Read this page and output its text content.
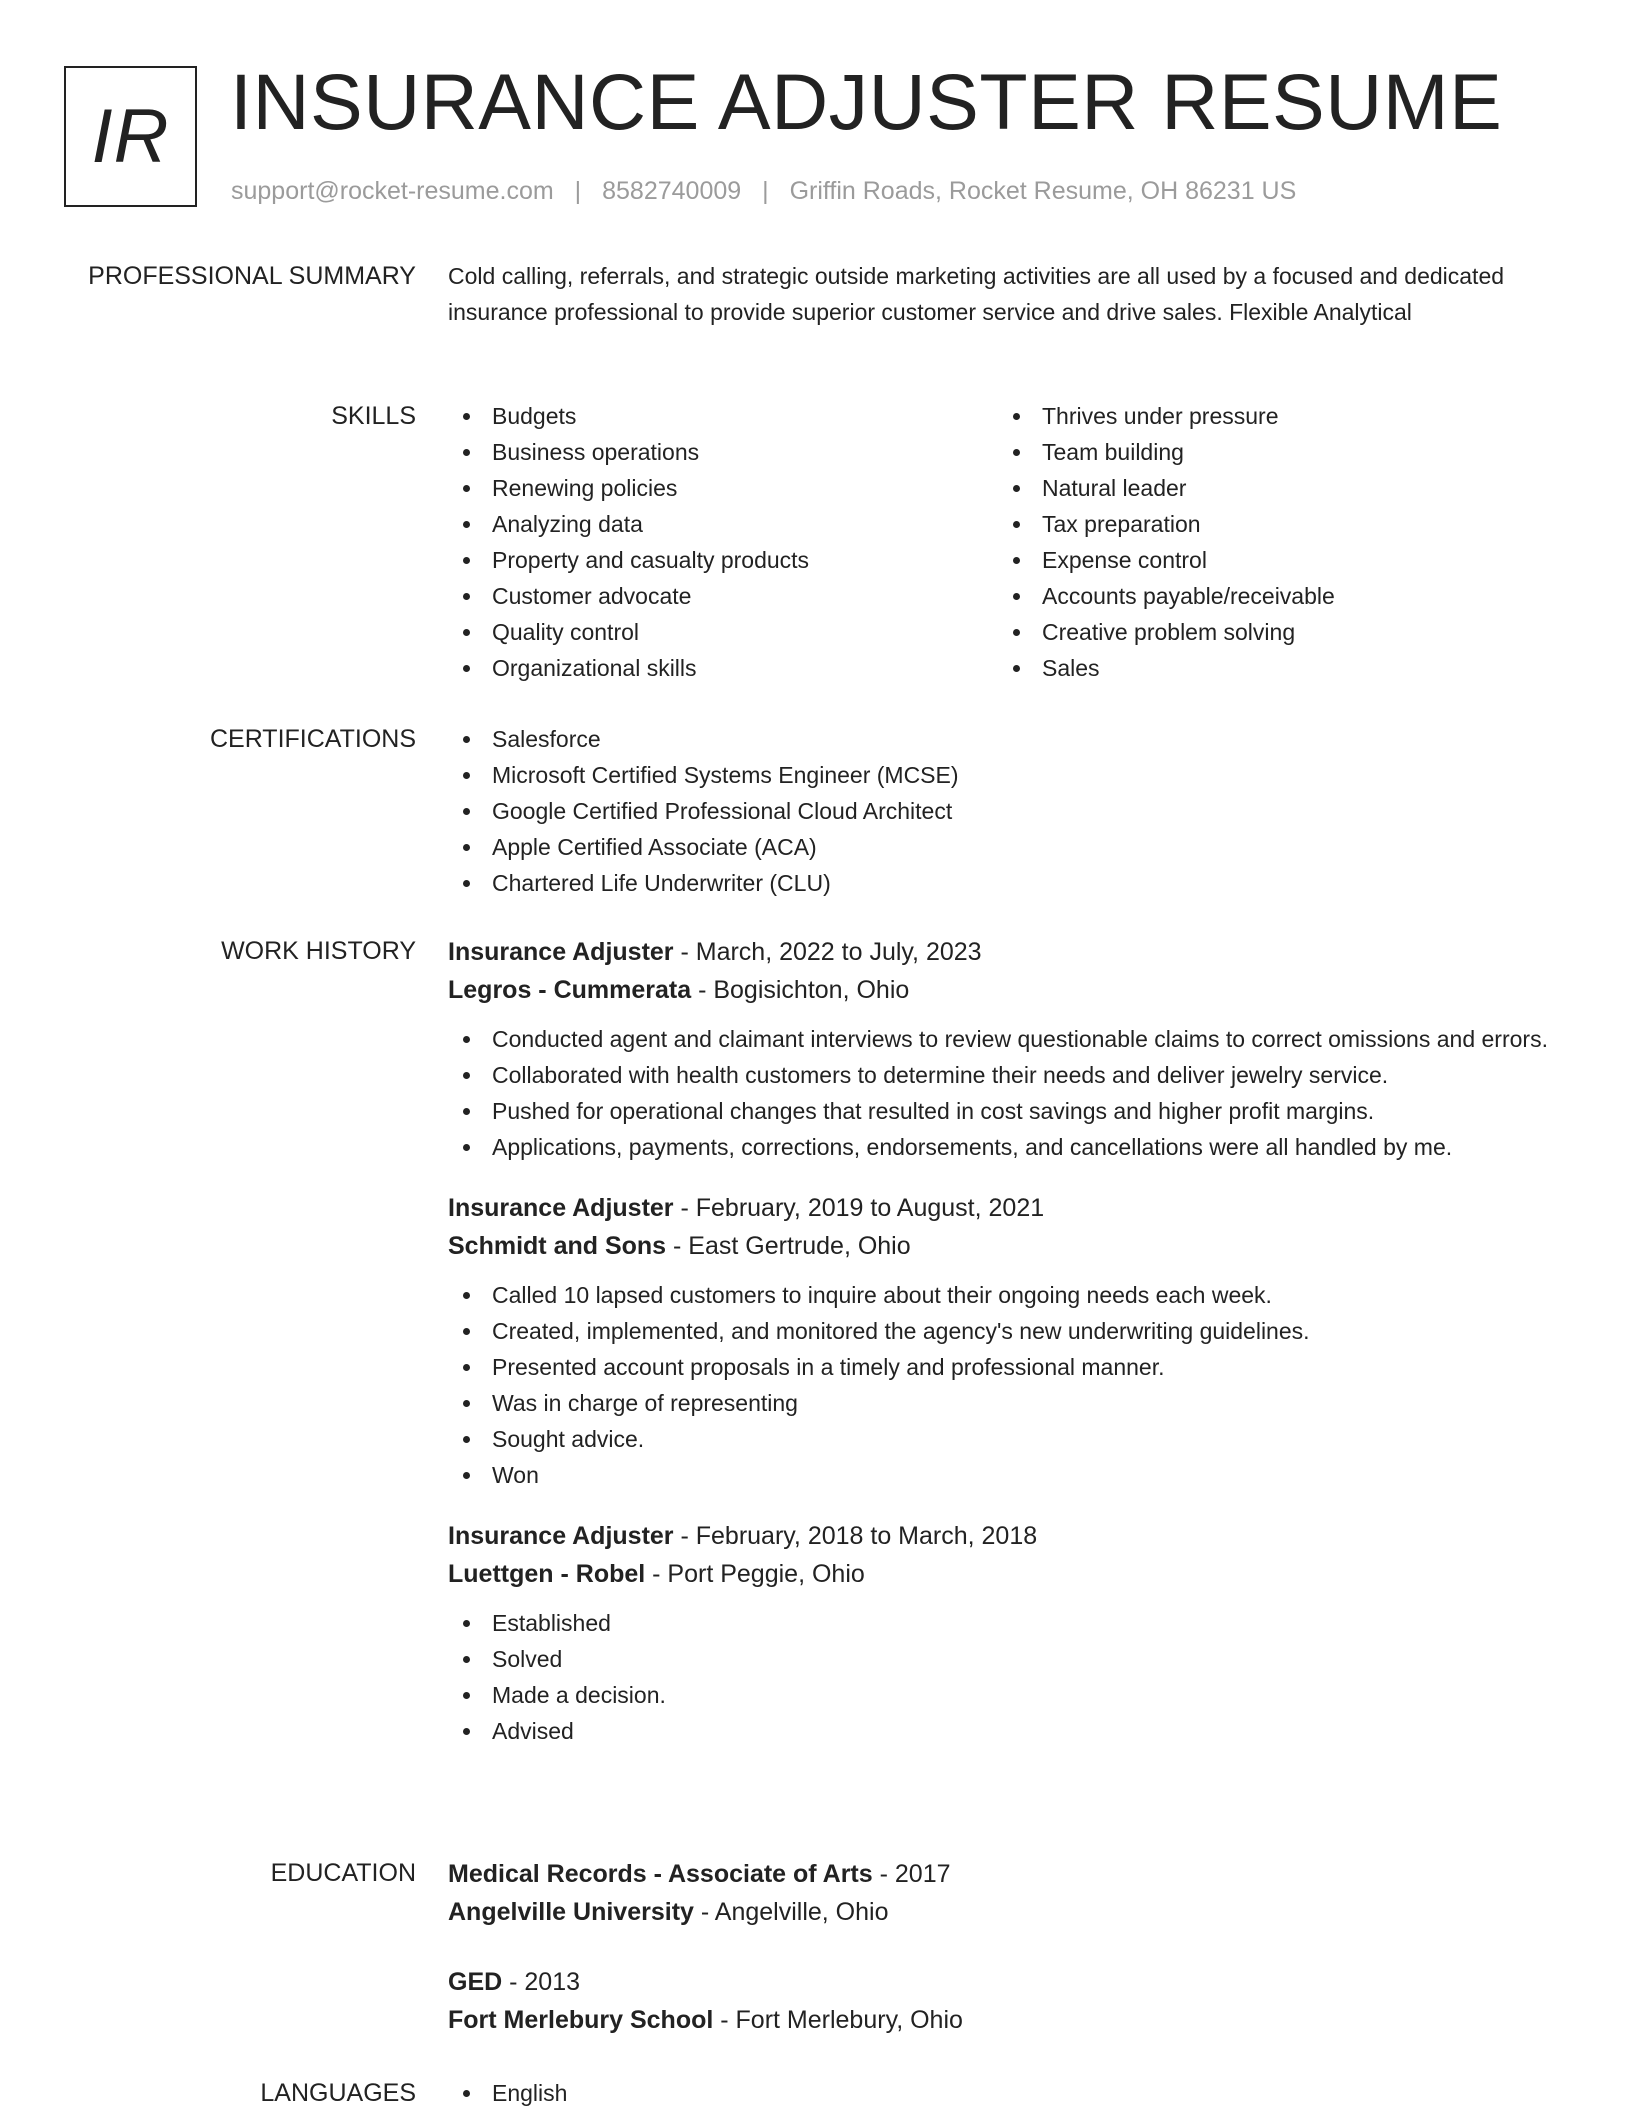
IR INSURANCE ADJUSTER RESUME
support@rocket-resume.com | 8582740009 | Griffin Roads, Rocket Resume, OH 86231 US
PROFESSIONAL SUMMARY Cold calling, referrals, and strategic outside marketing activities are all used by a focused and dedicated insurance professional to provide superior customer service and drive sales. Flexible Analytical
SKILLS	Budgets
Business operations
Renewing policies
Analyzing data
Property and casualty products
Customer advocate
Quality control
Organizational skills
Thrives under pressure
Team building
Natural leader
Tax preparation
Expense control
Accounts payable/receivable
Creative problem solving
Sales
CERTIFICATIONS	Salesforce
Microsoft Certified Systems Engineer (MCSE)
Google Certified Professional Cloud Architect
Apple Certified Associate (ACA)
Chartered Life Underwriter (CLU)
WORK HISTORY Insurance Adjuster - March, 2022 to July, 2023
Legros - Cummerata - Bogisichton, Ohio
Conducted agent and claimant interviews to review questionable claims to correct omissions and errors.
Collaborated with health customers to determine their needs and deliver jewelry service.
Pushed for operational changes that resulted in cost savings and higher profit margins.
Applications, payments, corrections, endorsements, and cancellations were all handled by me.
Insurance Adjuster - February, 2019 to August, 2021
Schmidt and Sons - East Gertrude, Ohio
Called 10 lapsed customers to inquire about their ongoing needs each week.
Created, implemented, and monitored the agency's new underwriting guidelines.
Presented account proposals in a timely and professional manner.
Was in charge of representing
Sought advice.
Won
Insurance Adjuster - February, 2018 to March, 2018
Luettgen - Robel - Port Peggie, Ohio
Established
Solved
Made a decision.
Advised
EDUCATION Medical Records - Associate of Arts - 2017
Angelville University - Angelville, Ohio
GED - 2013
Fort Merlebury School - Fort Merlebury, Ohio
LANGUAGES	English
